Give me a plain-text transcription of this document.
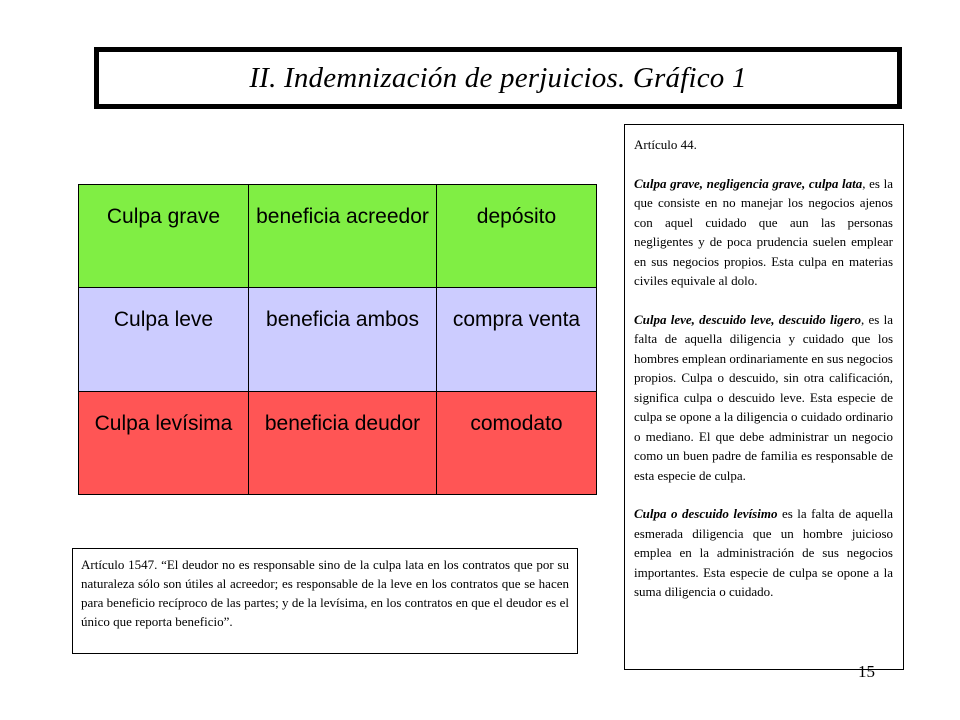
II. Indemnización de perjuicios. Gráfico 1
Culpa grave	beneficia acreedor	depósito
Culpa leve	beneficia ambos	compra venta
Culpa levísima	beneficia deudor	comodato
Artículo 1547. “El deudor no es responsable sino de la culpa lata en los contratos que por su naturaleza sólo son útiles al acreedor; es responsable de la leve en los contratos que se hacen para beneficio recíproco de las partes; y de la levísima, en los contratos en que el deudor es el único que reporta beneficio”.

Artículo 44.

Culpa grave, negligencia grave, culpa lata, es la que consiste en no manejar los negocios ajenos con aquel cuidado que aun las personas negligentes y de poca prudencia suelen emplear en sus negocios propios. Esta culpa en materias civiles equivale al dolo.

Culpa leve, descuido leve, descuido ligero, es la falta de aquella diligencia y cuidado que los hombres emplean ordinariamente en sus negocios propios. Culpa o descuido, sin otra calificación, significa culpa o descuido leve. Esta especie de culpa se opone a la diligencia o cuidado ordinario o mediano. El que debe administrar un negocio como un buen padre de familia es responsable de esta especie de culpa.

Culpa o descuido levísimo es la falta de aquella esmerada diligencia que un hombre juicioso emplea en la administración de sus negocios importantes. Esta especie de culpa se opone a la suma diligencia o cuidado.

15
